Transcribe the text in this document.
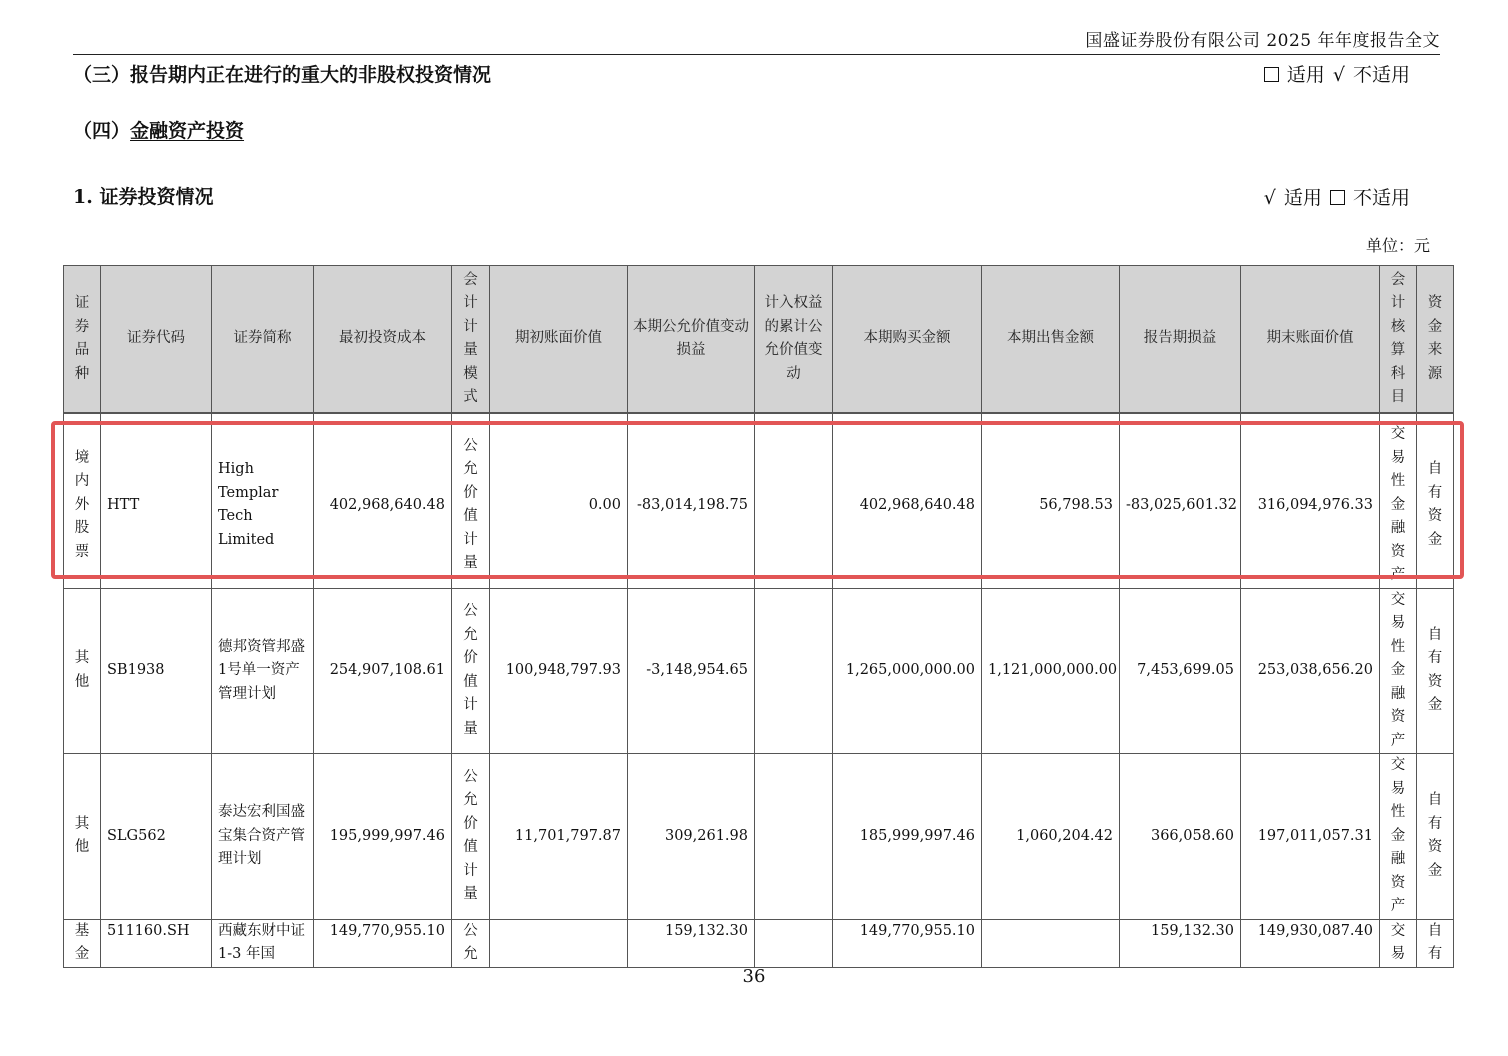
国盛证券股份有限公司 2025 年年度报告全文
（三）报告期内正在进行的重大的非股权投资情况	适用 √ 不适用
（四）金融资产投资
1. 证券投资情况	√ 适用 不适用
单位：元
证券品种	证券代码	证券简称	最初投资成本	会计计量模式	期初账面价值	本期公允价值变动损益	计入权益的累计公允价值变动	本期购买金额	本期出售金额	报告期损益	期末账面价值	会计核算科目	资金来源

境内外股票	HTT	High Templar Tech Limited	402,968,640.48	公允价值计量	0.00	-83,014,198.75		402,968,640.48	56,798.53	-83,025,601.32	316,094,976.33	交易性金融资产	自有资金

其他	SB1938	德邦资管邦盛1号单一资产管理计划	254,907,108.61	公允价值计量	100,948,797.93	-3,148,954.65		1,265,000,000.00	1,121,000,000.00	7,453,699.05	253,038,656.20	交易性金融资产	自有资金

其他	SLG562	泰达宏利国盛宝集合资产管理计划	195,999,997.46	公允价值计量	11,701,797.87	309,261.98		185,999,997.46	1,060,204.42	366,058.60	197,011,057.31	交易性金融资产	自有资金

基金	511160.SH	西藏东财中证 1-3 年国	149,770,955.10	公允		159,132.30		149,770,955.10		159,132.30	149,930,087.40	交易	自有
36
